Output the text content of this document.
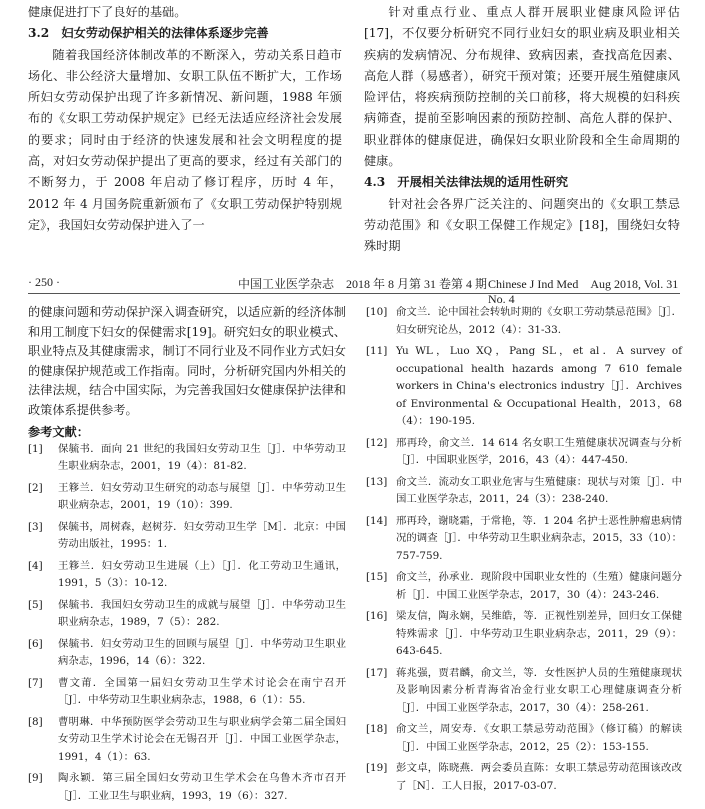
健康促进打下了良好的基础。

3.2　妇女劳动保护相关的法律体系逐步完善

随着我国经济体制改革的不断深入，劳动关系日趋市场化、非公经济大量增加、女职工队伍不断扩大，工作场所妇女劳动保护出现了许多新情况、新问题，1988 年颁布的《女职工劳动保护规定》已经无法适应经济社会发展的要求；同时由于经济的快速发展和社会文明程度的提高，对妇女劳动保护提出了更高的要求，经过有关部门的不断努力，于 2008 年启动了修订程序，历时 4 年，2012 年 4 月国务院重新颁布了《女职工劳动保护特别规定》，我国妇女劳动保护进入了一

针对重点行业、重点人群开展职业健康风险评估[17]，不仅要分析研究不同行业妇女的职业病及职业相关疾病的发病情况、分布规律、致病因素，查找高危因素、高危人群（易感者），研究干预对策；还要开展生殖健康风险评估，将疾病预防控制的关口前移，将大规模的妇科疾病筛查，提前至影响因素的预防控制、高危人群的保护、职业群体的健康促进，确保妇女职业阶段和全生命周期的健康。

4.3　开展相关法律法规的适用性研究

针对社会各界广泛关注的、问题突出的《女职工禁忌劳动范围》和《女职工保健工作规定》[18]，围绕妇女特殊时期

· 250 ·	中国工业医学杂志　2018 年 8 月第 31 卷第 4 期 Chinese J Ind Med　Aug 2018, Vol. 31 No. 4

的健康问题和劳动保护深入调查研究，以适应新的经济体制和用工制度下妇女的保健需求[19]。研究妇女的职业模式、职业特点及其健康需求，制订不同行业及不同作业方式妇女的健康保护规范或工作指南。同时，分析研究国内外相关的法律法规，结合中国实际，为完善我国妇女健康保护法律和政策体系提供参考。

参考文献：
[1] 保毓书．面向 21 世纪的我国妇女劳动卫生［J］．中华劳动卫生职业病杂志，2001，19（4）：81-82.
[2] 王簃兰．妇女劳动卫生研究的动态与展望［J］．中华劳动卫生职业病杂志，2001，19（10）：399.
[3] 保毓书，周树森，赵树芬．妇女劳动卫生学［M］．北京：中国劳动出版社，1995：1.
[4] 王簃兰．妇女劳动卫生进展（上）［J］．化工劳动卫生通讯，1991，5（3）：10-12.
[5] 保毓书．我国妇女劳动卫生的成就与展望［J］．中华劳动卫生职业病杂志，1989，7（5）：282.
[6] 保毓书．妇女劳动卫生的回顾与展望［J］．中华劳动卫生职业病杂志，1996，14（6）：322.
[7] 曹文莆．全国第一届妇女劳动卫生学术讨论会在南宁召开［J］．中华劳动卫生职业病杂志，1988，6（1）：55.
[8] 曹明琳．中华预防医学会劳动卫生与职业病学会第二届全国妇女劳动卫生学术讨论会在无锡召开［J］．中国工业医学杂志，1991，4（1）：63.
[9] 陶永颖．第三届全国妇女劳动卫生学术会在乌鲁木齐市召开［J］．工业卫生与职业病，1993，19（6）：327.
[10] 俞文兰．论中国社会转轨时期的《女职工劳动禁忌范围》［J］．妇女研究论丛，2012（4）：31-33.
[11] Yu WL，Luo XQ，Pang SL，et al．A survey of occupational health hazards among 7 610 female workers in China's electronics industry［J］．Archives of Environmental & Occupational Health，2013，68（4）：190-195.
[12] 邢再玲，俞文兰．14 614 名女职工生殖健康状况调查与分析［J］．中国职业医学，2016，43（4）：447-450.
[13] 俞文兰．流动女工职业危害与生殖健康：现状与对策［J］．中国工业医学杂志，2011，24（3）：238-240.
[14] 邢再玲，谢晓霜，于常艳，等．1 204 名护士恶性肿瘤患病情况的调查［J］．中华劳动卫生职业病杂志，2015，33（10）：757-759.
[15] 俞文兰，孙承业．现阶段中国职业女性的（生殖）健康问题分析［J］．中国工业医学杂志，2017，30（4）：243-246.
[16] 梁友信，陶永娴，吴维皓，等．正视性别差异，回归女工保健特殊需求［J］．中华劳动卫生职业病杂志，2011，29（9）：643-645.
[17] 蒋兆强，贾君麟，俞文兰，等．女性医护人员的生殖健康现状及影响因素分析青海省冶金行业女职工心理健康调查分析［J］．中国工业医学杂志，2017，30（4）：258-261.
[18] 俞文兰，周安寿．《女职工禁忌劳动范围》（修订稿）的解读［J］．中国工业医学杂志，2012，25（2）：153-155.
[19] 彭文卓，陈晓燕．两会委员直陈：女职工禁忌劳动范围该改改了［N］．工人日报，2017-03-07.
